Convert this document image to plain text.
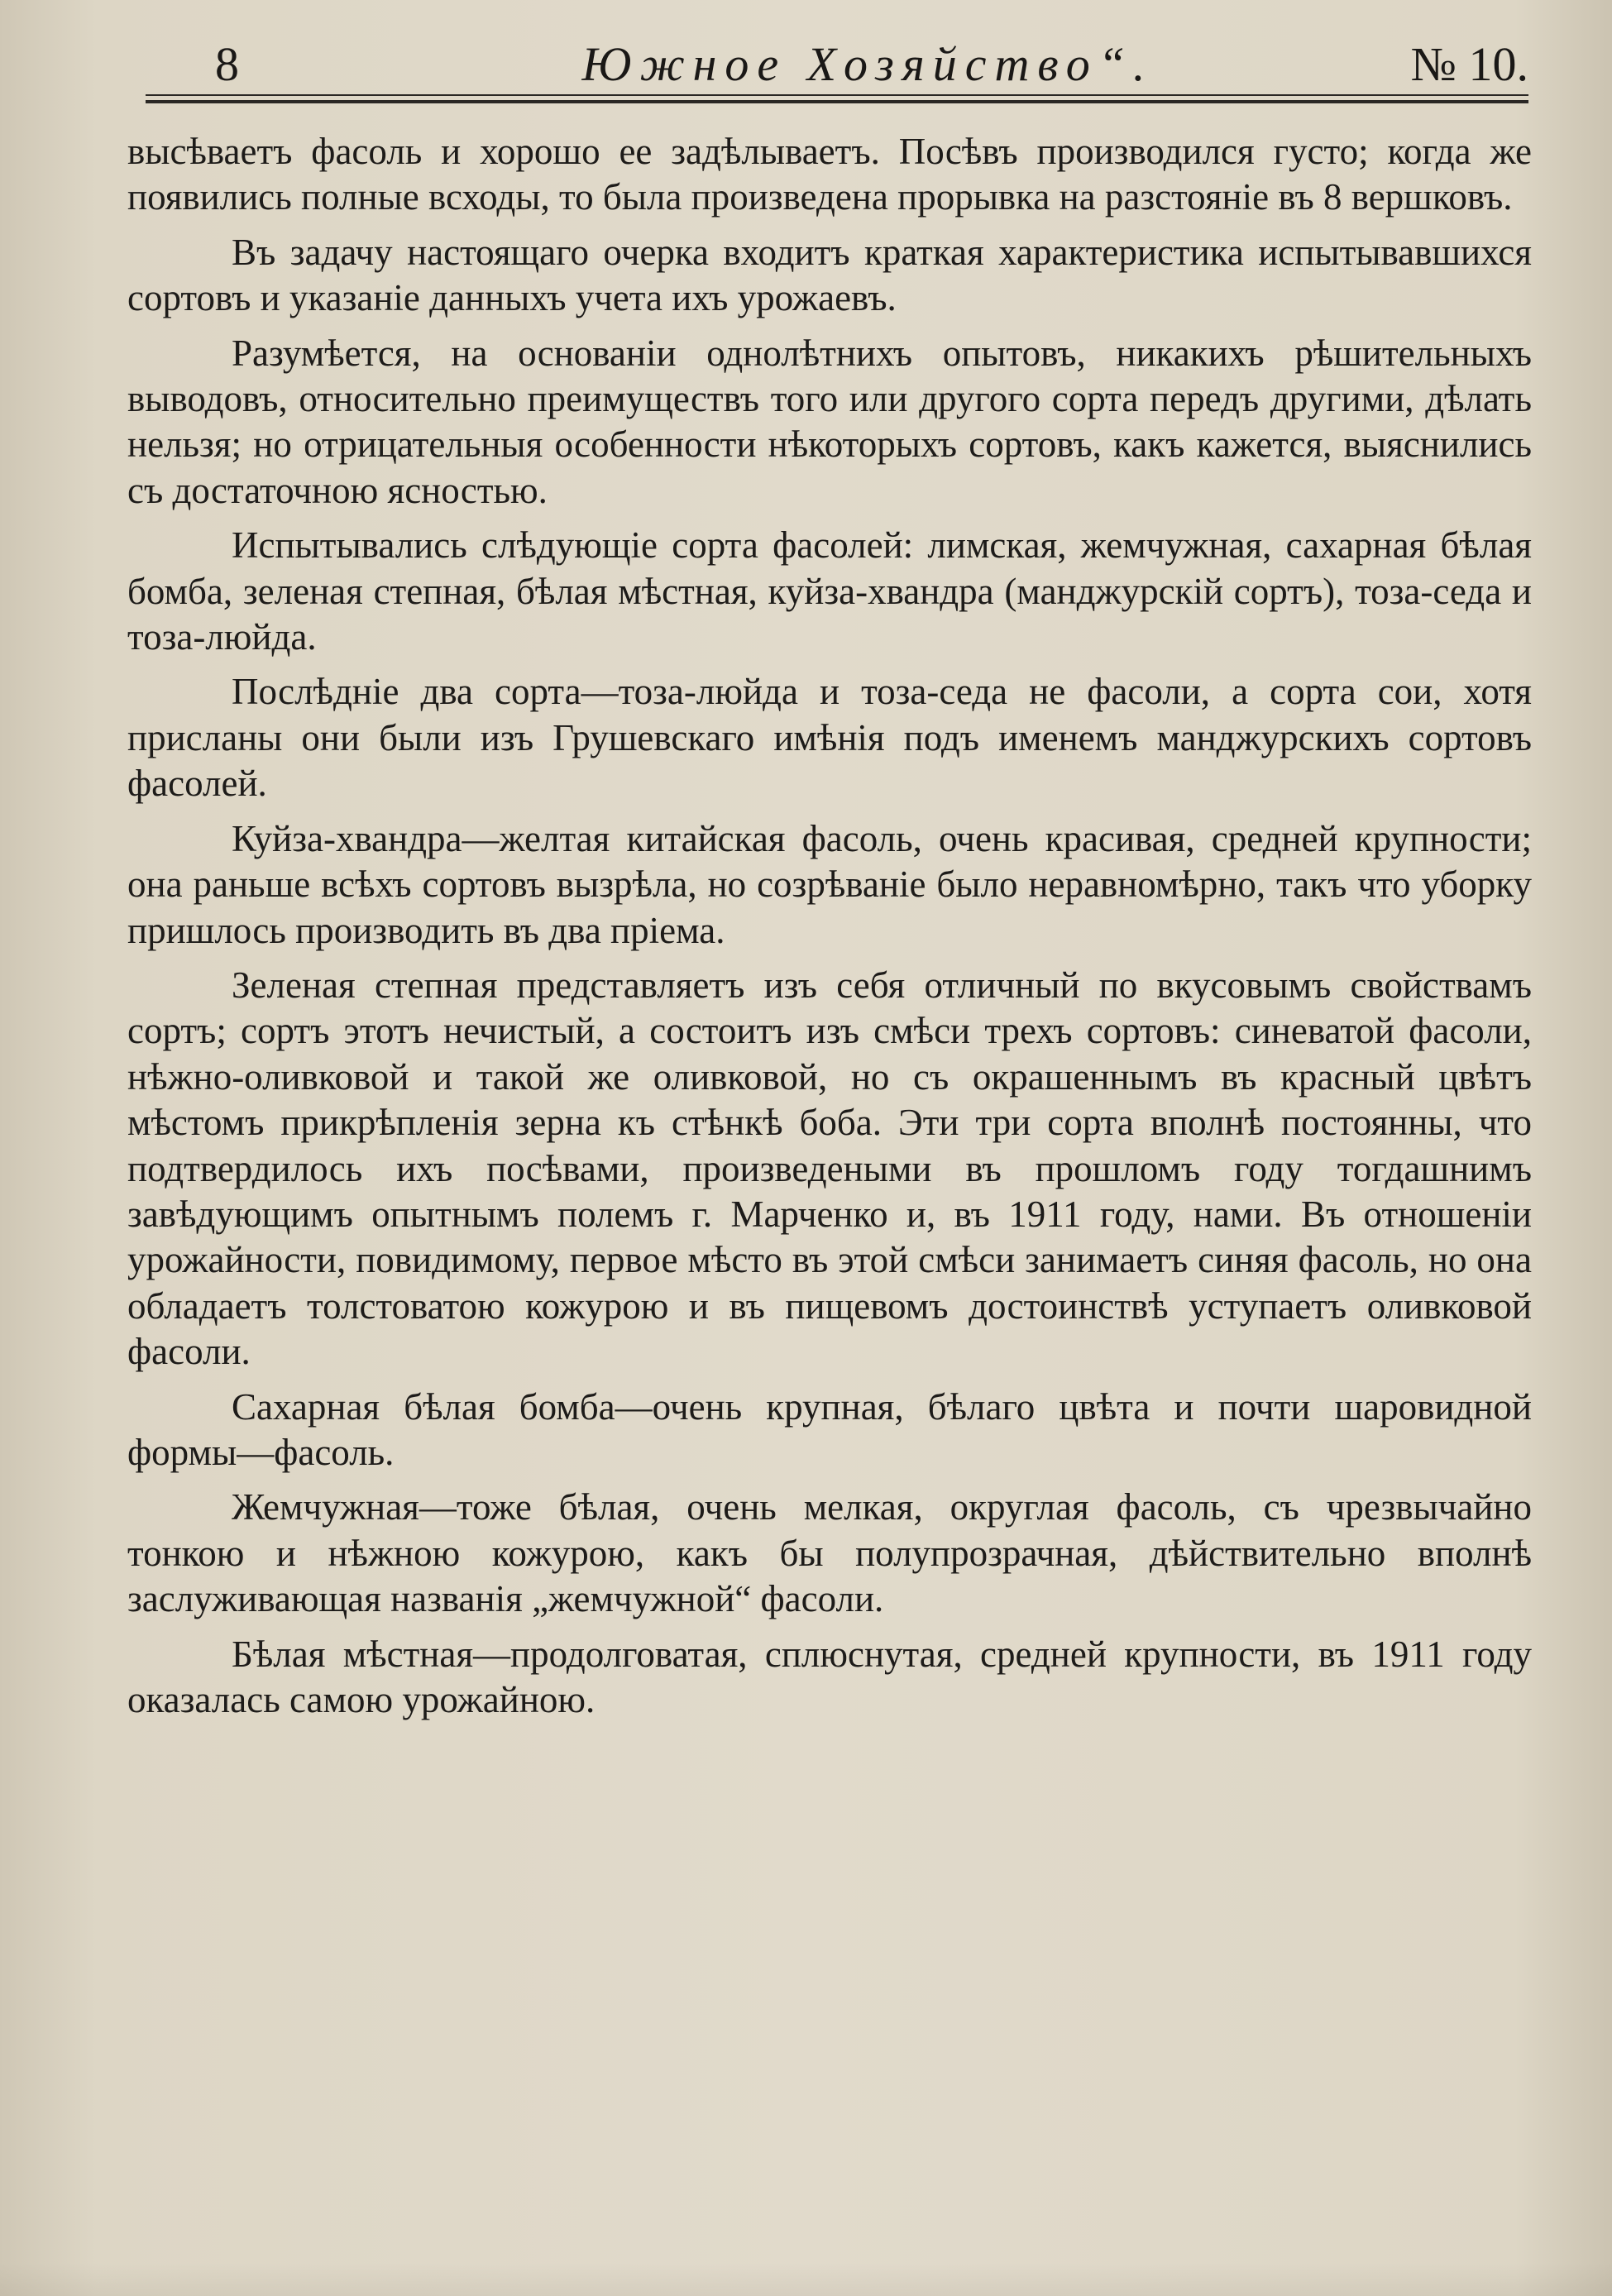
8	Южное Хозяйство“.	№ 10.

высѣваетъ фасоль и хорошо ее задѣлываетъ. Посѣвъ производился густо; когда же появились полные всходы, то была произведена прорывка на разстояніе въ 8 вершковъ.

Въ задачу настоящаго очерка входитъ краткая характеристика испытывавшихся сортовъ и указаніе данныхъ учета ихъ урожаевъ.

Разумѣется, на основаніи однолѣтнихъ опытовъ, никакихъ рѣшительныхъ выводовъ, относительно преимуществъ того или другого сорта передъ другими, дѣлать нельзя; но отрицательныя особенности нѣкоторыхъ сортовъ, какъ кажется, выяснились съ достаточною ясностью.

Испытывались слѣдующіе сорта фасолей: лимская, жемчужная, сахарная бѣлая бомба, зеленая степная, бѣлая мѣстная, куйза-хвандра (манджурскій сортъ), тоза-седа и тоза-люйда.

Послѣдніе два сорта—тоза-люйда и тоза-седа не фасоли, а сорта сои, хотя присланы они были изъ Грушевскаго имѣнія подъ именемъ манджурскихъ сортовъ фасолей.

Куйза-хвандра—желтая китайская фасоль, очень красивая, средней крупности; она раньше всѣхъ сортовъ вызрѣла, но созрѣваніе было неравномѣрно, такъ что уборку пришлось производить въ два пріема.

Зеленая степная представляетъ изъ себя отличный по вкусовымъ свойствамъ сортъ; сортъ этотъ нечистый, а состоитъ изъ смѣси трехъ сортовъ: синеватой фасоли, нѣжно-оливковой и такой же оливковой, но съ окрашеннымъ въ красный цвѣтъ мѣстомъ прикрѣпленія зерна къ стѣнкѣ боба. Эти три сорта вполнѣ постоянны, что подтвердилось ихъ посѣвами, произведеными въ прошломъ году тогдашнимъ завѣдующимъ опытнымъ полемъ г. Марченко и, въ 1911 году, нами. Въ отношеніи урожайности, повидимому, первое мѣсто въ этой смѣси занимаетъ синяя фасоль, но она обладаетъ толстоватою кожурою и въ пищевомъ достоинствѣ уступаетъ оливковой фасоли.

Сахарная бѣлая бомба—очень крупная, бѣлаго цвѣта и почти шаровидной формы—фасоль.

Жемчужная—тоже бѣлая, очень мелкая, округлая фасоль, съ чрезвычайно тонкою и нѣжною кожурою, какъ бы полупрозрачная, дѣйствительно вполнѣ заслуживающая названія „жемчужной“ фасоли.

Бѣлая мѣстная—продолговатая, сплюснутая, средней крупности, въ 1911 году оказалась самою урожайною.
